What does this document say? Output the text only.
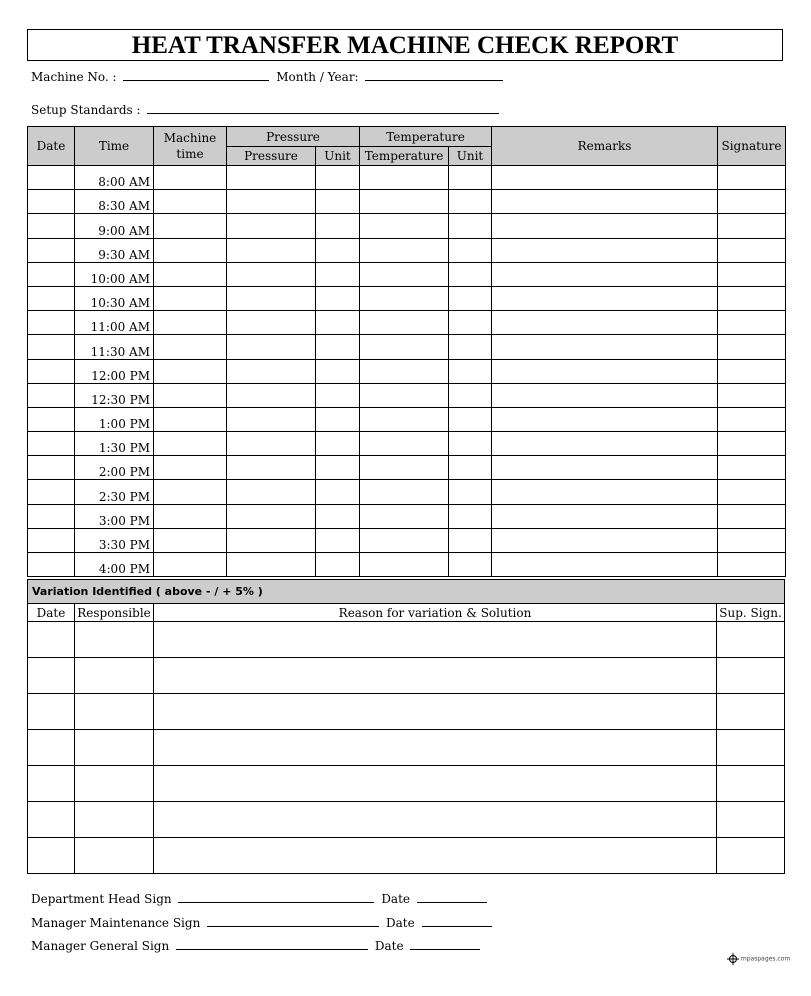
HEAT TRANSFER MACHINE CHECK REPORT
Machine No. :	Month / Year:
Setup Standards :
Date	Time	Machine time	Pressure		Temperature		Remarks	Signature
			Pressure	Unit	Temperature	Unit		
	8:00 AM							
	8:30 AM							
	9:00 AM							
	9:30 AM							
	10:00 AM							
	10:30 AM							
	11:00 AM							
	11:30 AM							
	12:00 PM							
	12:30 PM							
	1:00 PM							
	1:30 PM							
	2:00 PM							
	2:30 PM							
	3:00 PM							
	3:30 PM							
	4:00 PM							
Variation Identified ( above - / + 5% )			
Date	Responsible	Reason for variation & Solution	Sup. Sign.

Department Head Sign	Date
Manager Maintenance Sign	Date
Manager General Sign	Date
mpaspages.com
